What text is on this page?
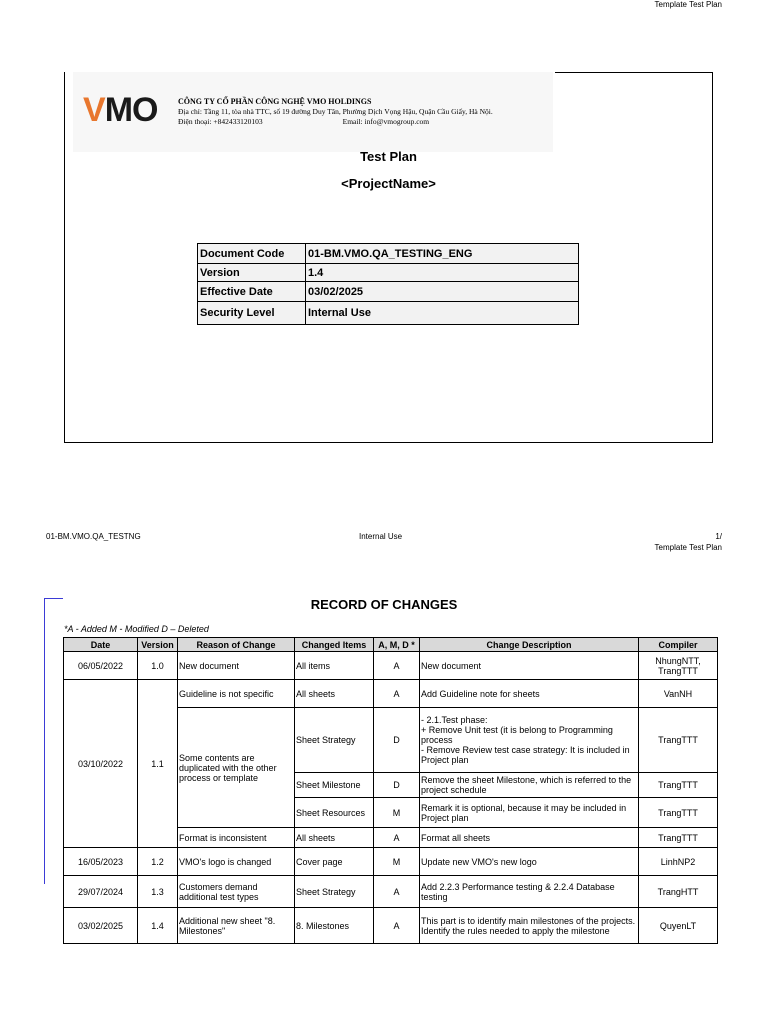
Template Test Plan
VMO	CÔNG TY CỔ PHẦN CÔNG NGHỆ VMO HOLDINGS
Địa chỉ: Tầng 11, tòa nhà TTC, số 19 đường Duy Tân, Phường Dịch Vọng Hậu, Quận Cầu Giấy, Hà Nội.
Điện thoại: +842433120103	Email: info@vmogroup.com
Test Plan
<ProjectName>
Document Code	01-BM.VMO.QA_TESTING_ENG
Version	1.4
Effective Date	03/02/2025
Security Level	Internal Use
01-BM.VMO.QA_TESTNG	Internal Use	1/
Template Test Plan
RECORD OF CHANGES
*A - Added M - Modified D – Deleted
Date	Version	Reason of Change	Changed Items	A, M, D *	Change Description	Compiler
06/05/2022	1.0	New document	All items	A	New document	NhungNTT, TrangTTT
03/10/2022	1.1	Guideline is not specific	All sheets	A	Add Guideline note for sheets	VanNH
		Some contents are duplicated with the other process or template	Sheet Strategy	D	- 2.1.Test phase:
+ Remove Unit test (it is belong to Programming process
- Remove Review test case strategy: It is included in Project plan	TrangTTT
			Sheet Milestone	D	Remove the sheet Milestone, which is referred to the project schedule	TrangTTT
			Sheet Resources	M	Remark it is optional, because it may be included in Project plan	TrangTTT
		Format is inconsistent	All sheets	A	Format all sheets	TrangTTT
16/05/2023	1.2	VMO's logo is changed	Cover page	M	Update new VMO's new logo	LinhNP2
29/07/2024	1.3	Customers demand additional test types	Sheet Strategy	A	Add 2.2.3 Performance testing & 2.2.4 Database testing	TrangHTT
03/02/2025	1.4	Additional new sheet "8. Milestones"	8. Milestones	A	This part is to identify main milestones of the projects. Identify the rules needed to apply the milestone	QuyenLT
